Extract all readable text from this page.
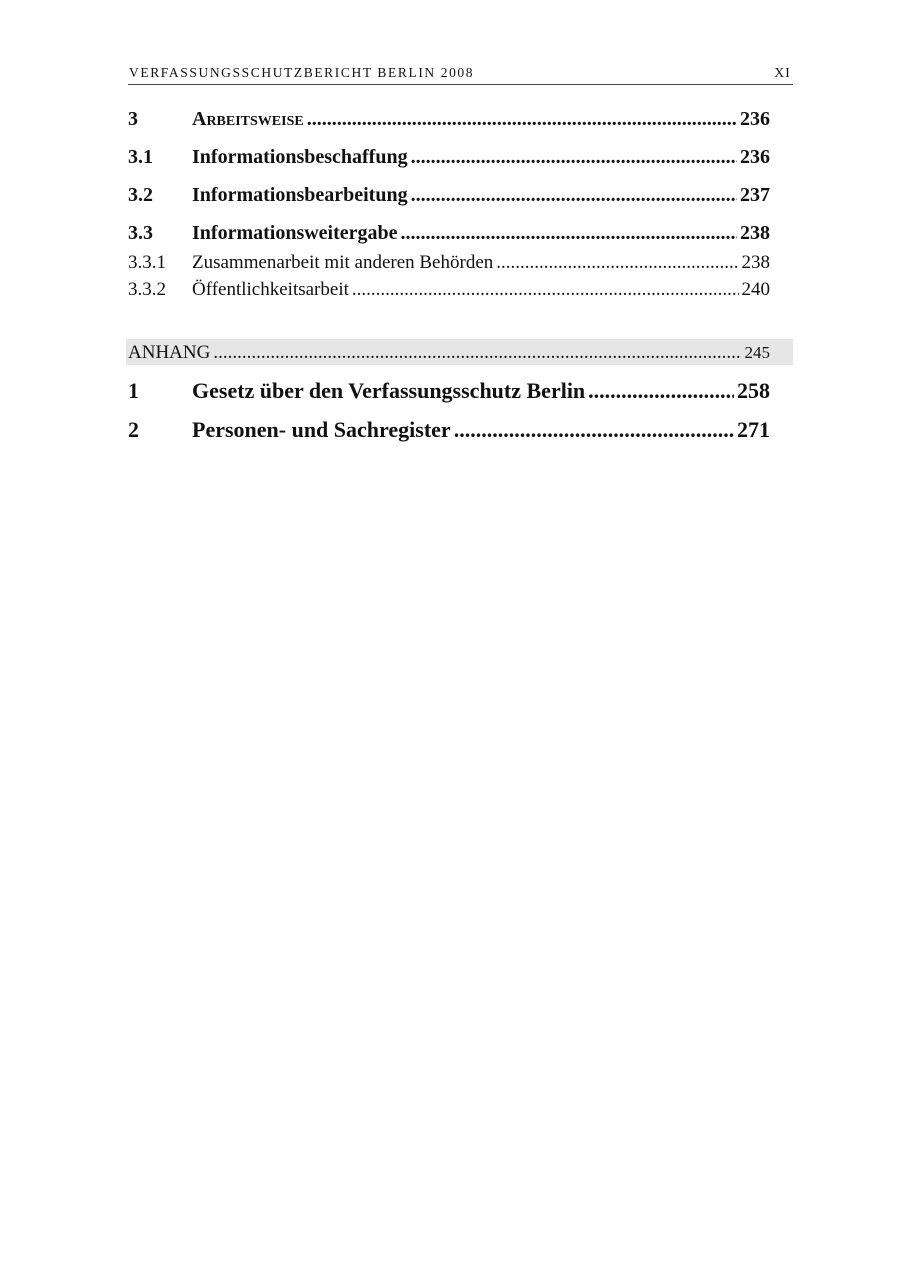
VERFASSUNGSSCHUTZBERICHT BERLIN 2008	XI
3	Arbeitsweise .....	236
3.1	Informationsbeschaffung .....	236
3.2	Informationsbearbeitung .....	237
3.3	Informationsweitergabe .....	238
3.3.1	Zusammenarbeit mit anderen Behörden .....	238
3.3.2	Öffentlichkeitsarbeit .....	240
ANHANG .....	245
1	Gesetz über den Verfassungsschutz Berlin .....	258
2	Personen- und Sachregister .....	271
